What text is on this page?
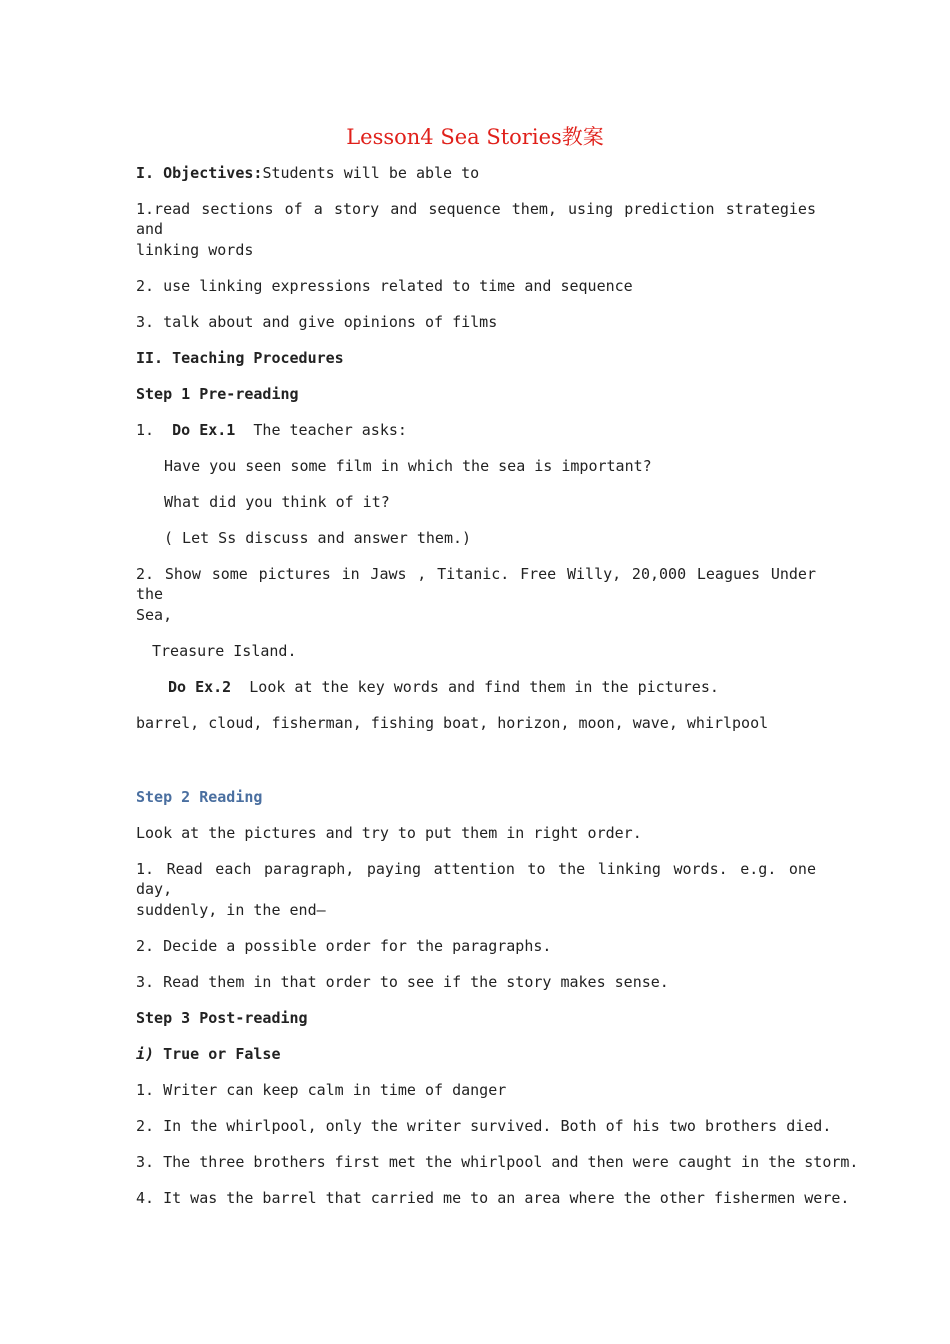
Lesson4 Sea Stories教案
I. Objectives:Students will be able to
1.read sections of a story and sequence them, using prediction strategies and
linking words
2. use linking expressions related to time and sequence
3. talk about and give opinions of films
II. Teaching Procedures
Step 1 Pre-reading
1. Do Ex.1 The teacher asks:
Have you seen some film in which the sea is important?
What did you think of it?
( Let Ss discuss and answer them.)
2. Show some pictures in Jaws , Titanic. Free Willy, 20,000 Leagues Under the
Sea,
Treasure Island.
Do Ex.2 Look at the key words and find them in the pictures.
barrel, cloud, fisherman, fishing boat, horizon, moon, wave, whirlpool
Step 2 Reading
Look at the pictures and try to put them in right order.
1. Read each paragraph, paying attention to the linking words. e.g. one day,
suddenly, in the end—
2. Decide a possible order for the paragraphs.
3. Read them in that order to see if the story makes sense.
Step 3 Post-reading
i) True or False
1. Writer can keep calm in time of danger
2. In the whirlpool, only the writer survived. Both of his two brothers died.
3. The three brothers first met the whirlpool and then were caught in the storm.
4. It was the barrel that carried me to an area where the other fishermen were.
